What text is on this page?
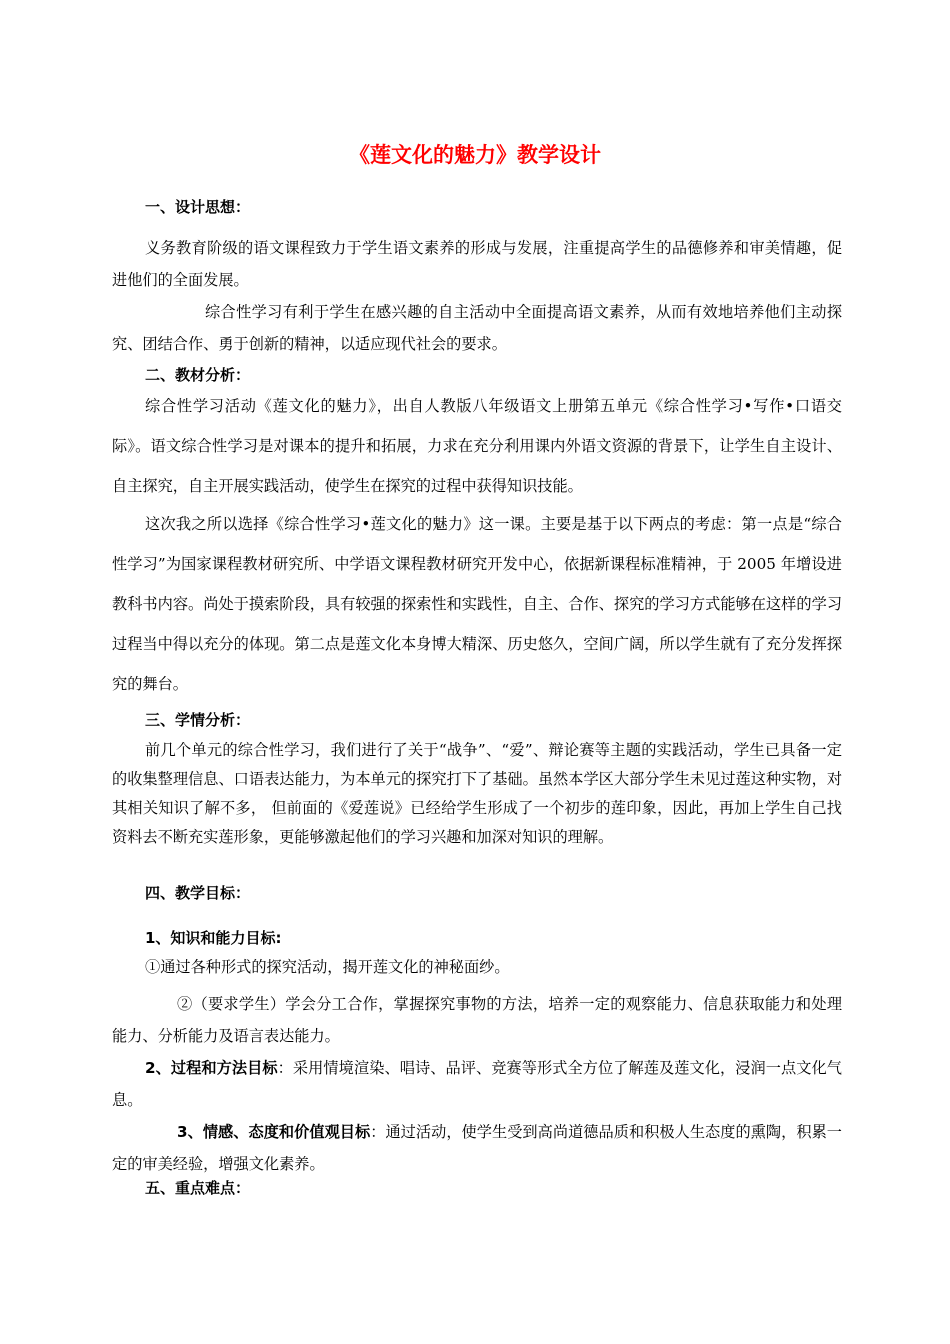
《莲文化的魅力》教学设计
一、设计思想：
义务教育阶级的语文课程致力于学生语文素养的形成与发展，注重提高学生的品德修养和审美情趣，促进他们的全面发展。
综合性学习有利于学生在感兴趣的自主活动中全面提高语文素养，从而有效地培养他们主动探究、团结合作、勇于创新的精神，以适应现代社会的要求。
二、教材分析：
综合性学习活动《莲文化的魅力》，出自人教版八年级语文上册第五单元《综合性学习•写作•口语交际》。语文综合性学习是对课本的提升和拓展，力求在充分利用课内外语文资源的背景下，让学生自主设计、自主探究，自主开展实践活动，使学生在探究的过程中获得知识技能。
这次我之所以选择《综合性学习•莲文化的魅力》这一课。主要是基于以下两点的考虑：第一点是“综合性学习”为国家课程教材研究所、中学语文课程教材研究开发中心，依据新课程标准精神，于 2005 年增设进教科书内容。尚处于摸索阶段，具有较强的探索性和实践性，自主、合作、探究的学习方式能够在这样的学习过程当中得以充分的体现。第二点是莲文化本身博大精深、历史悠久，空间广阔，所以学生就有了充分发挥探究的舞台。
三、学情分析：
前几个单元的综合性学习，我们进行了关于“战争”、“爱”、辩论赛等主题的实践活动，学生已具备一定的收集整理信息、口语表达能力，为本单元的探究打下了基础。虽然本学区大部分学生未见过莲这种实物，对其相关知识了解不多， 但前面的《爱莲说》已经给学生形成了一个初步的莲印象，因此，再加上学生自己找资料去不断充实莲形象，更能够激起他们的学习兴趣和加深对知识的理解。
四、教学目标：
1、知识和能力目标:
①通过各种形式的探究活动，揭开莲文化的神秘面纱。
②（要求学生）学会分工合作，掌握探究事物的方法，培养一定的观察能力、信息获取能力和处理能力、分析能力及语言表达能力。
2、过程和方法目标：采用情境渲染、唱诗、品评、竞赛等形式全方位了解莲及莲文化，浸润一点文化气息。
3、情感、态度和价值观目标：通过活动，使学生受到高尚道德品质和积极人生态度的熏陶，积累一定的审美经验，增强文化素养。
五、重点难点：
